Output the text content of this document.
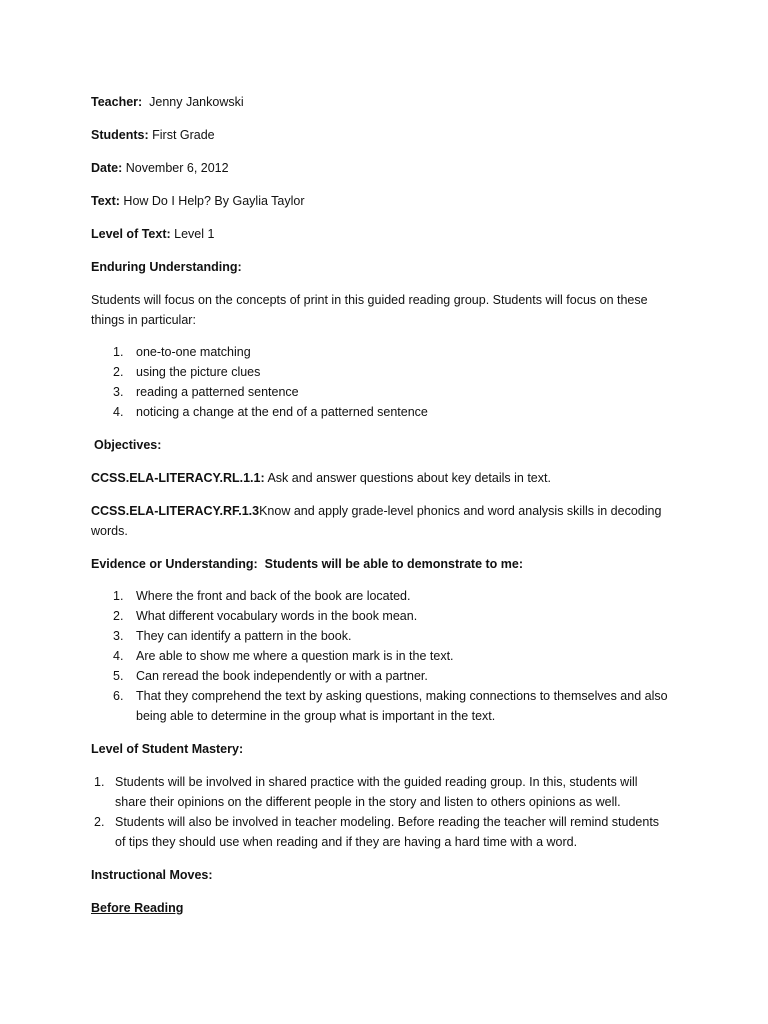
Teacher: Jenny Jankowski
Students: First Grade
Date: November 6, 2012
Text: How Do I Help? By Gaylia Taylor
Level of Text: Level 1
Enduring Understanding:
Students will focus on the concepts of print in this guided reading group. Students will focus on these
things in particular:
1. one-to-one matching
2. using the picture clues
3. reading a patterned sentence
4. noticing a change at the end of a patterned sentence
Objectives:
CCSS.ELA-LITERACY.RL.1.1: Ask and answer questions about key details in text.
CCSS.ELA-LITERACY.RF.1.3Know and apply grade-level phonics and word analysis skills in decoding
words.
Evidence or Understanding: Students will be able to demonstrate to me:
1. Where the front and back of the book are located.
2. What different vocabulary words in the book mean.
3. They can identify a pattern in the book.
4. Are able to show me where a question mark is in the text.
5. Can reread the book independently or with a partner.
6. That they comprehend the text by asking questions, making connections to themselves and also
being able to determine in the group what is important in the text.
Level of Student Mastery:
1. Students will be involved in shared practice with the guided reading group. In this, students will
share their opinions on the different people in the story and listen to others opinions as well.
2. Students will also be involved in teacher modeling. Before reading the teacher will remind students
of tips they should use when reading and if they are having a hard time with a word.
Instructional Moves:
Before Reading
